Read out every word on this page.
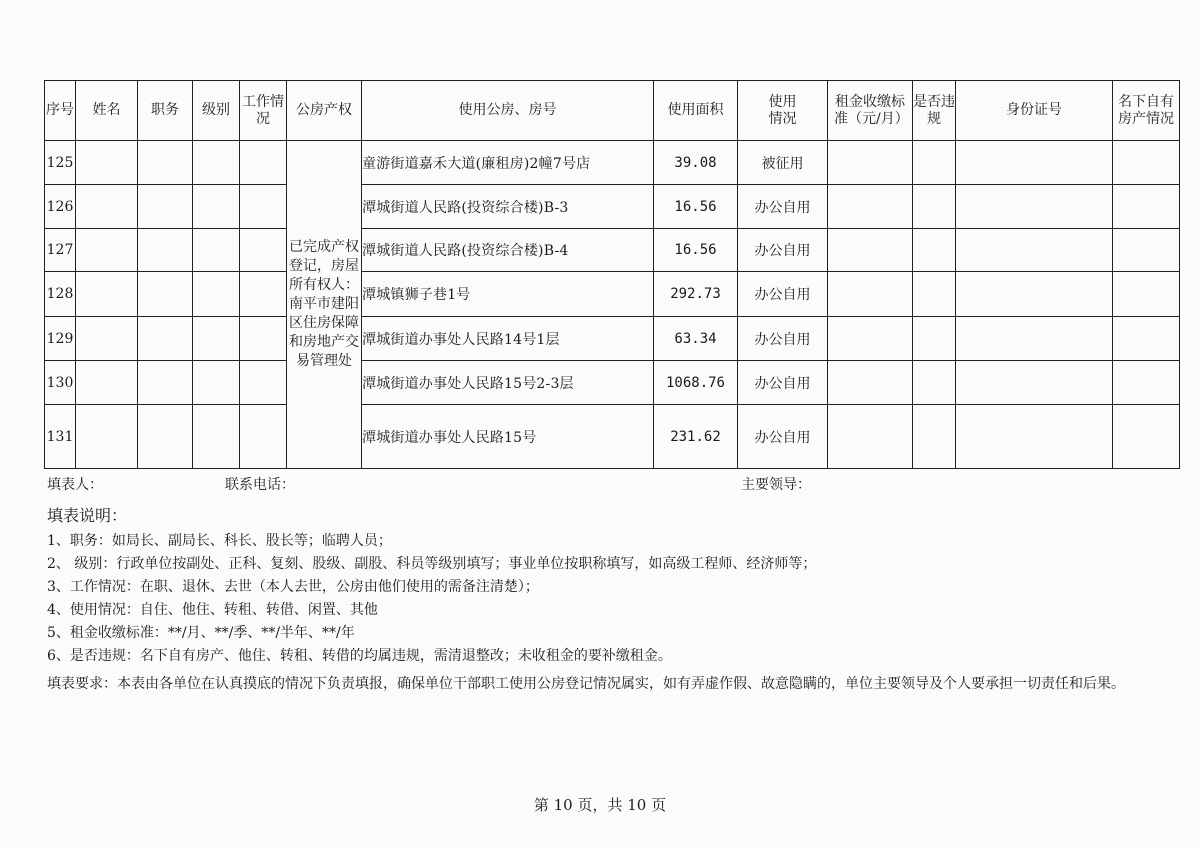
序号	姓名	职务	级别	工作情况	公房产权	使用公房、房号	使用面积	使用情况	租金收缴标准（元/月）	是否违规	身份证号	名下自有房产情况
125					已完成产权登记，房屋所有权人：南平市建阳区住房保障和房地产交易管理处	童游街道嘉禾大道(廉租房)2幢7号店	39.08	被征用				
126						潭城街道人民路(投资综合楼)B-3	16.56	办公自用				
127						潭城街道人民路(投资综合楼)B-4	16.56	办公自用				
128						潭城镇狮子巷1号	292.73	办公自用				
129						潭城街道办事处人民路14号1层	63.34	办公自用				
130						潭城街道办事处人民路15号2-3层	1068.76	办公自用				
131						潭城街道办事处人民路15号	231.62	办公自用				
填表人：	联系电话：	主要领导：
填表说明：
1、职务：如局长、副局长、科长、股长等；临聘人员；
2、 级别：行政单位按副处、正科、复刻、股级、副股、科员等级别填写；事业单位按职称填写，如高级工程师、经济师等；
3、工作情况：在职、退休、去世（本人去世，公房由他们使用的需备注清楚）；
4、使用情况：自住、他住、转租、转借、闲置、其他
5、租金收缴标准：**/月、**/季、**/半年、**/年
6、是否违规：名下自有房产、他住、转租、转借的均属违规，需清退整改；未收租金的要补缴租金。
填表要求：本表由各单位在认真摸底的情况下负责填报，确保单位干部职工使用公房登记情况属实，如有弄虚作假、故意隐瞒的，单位主要领导及个人要承担一切责任和后果。
第 10 页，共 10 页
